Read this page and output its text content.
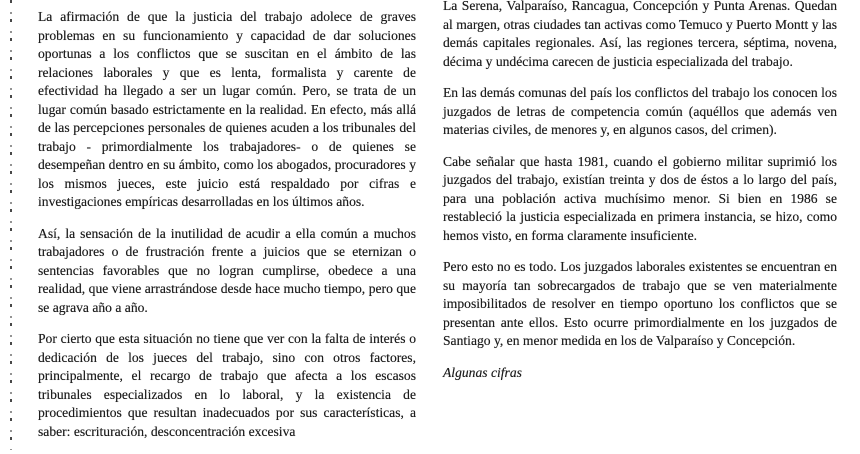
La afirmación de que la justicia del trabajo adolece de graves problemas en su funcionamiento y capacidad de dar soluciones oportunas a los conflictos que se suscitan en el ámbito de las relaciones laborales y que es lenta, formalista y carente de efectividad ha llegado a ser un lugar común. Pero, se trata de un lugar común basado estrictamente en la realidad. En efecto, más allá de las percepciones personales de quienes acuden a los tribunales del trabajo - primordialmente los trabajadores- o de quienes se desempeñan dentro en su ámbito, como los abogados, procuradores y los mismos jueces, este juicio está respaldado por cifras e investigaciones empíricas desarrolladas en los últimos años.

Así, la sensación de la inutilidad de acudir a ella común a muchos trabajadores o de frustración frente a juicios que se eternizan o sentencias favorables que no logran cumplirse, obedece a una realidad, que viene arrastrándose desde hace mucho tiempo, pero que se agrava año a año.

Por cierto que esta situación no tiene que ver con la falta de interés o dedicación de los jueces del trabajo, sino con otros factores, principalmente, el recargo de trabajo que afecta a los escasos tribunales especializados en lo laboral, y la existencia de procedimientos que resultan inadecuados por sus características, a saber: escrituración, desconcentración excesiva

La Serena, Valparaíso, Rancagua, Concepción y Punta Arenas. Quedan al margen, otras ciudades tan activas como Temuco y Puerto Montt y las demás capitales regionales. Así, las regiones tercera, séptima, novena, décima y undécima carecen de justicia especializada del trabajo.

En las demás comunas del país los conflictos del trabajo los conocen los juzgados de letras de competencia común (aquéllos que además ven materias civiles, de menores y, en algunos casos, del crimen).

Cabe señalar que hasta 1981, cuando el gobierno militar suprimió los juzgados del trabajo, existían treinta y dos de éstos a lo largo del país, para una población activa muchísimo menor. Si bien en 1986 se restableció la justicia especializada en primera instancia, se hizo, como hemos visto, en forma claramente insuficiente.

Pero esto no es todo. Los juzgados laborales existentes se encuentran en su mayoría tan sobrecargados de trabajo que se ven materialmente imposibilitados de resolver en tiempo oportuno los conflictos que se presentan ante ellos. Esto ocurre primordialmente en los juzgados de Santiago y, en menor medida en los de Valparaíso y Concepción.

Algunas cifras
